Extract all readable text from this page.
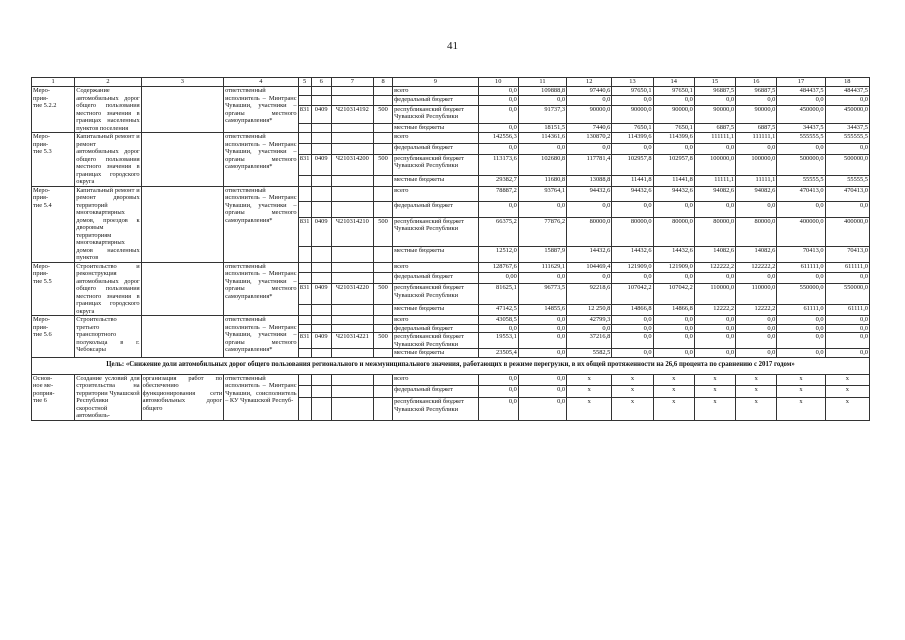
41
1	2	3	4	5	6	7	8	9	10	11	12	13	14	15	16	17	18
Меро-
прия-
тие 5.2.2	Содержание автомобильных дорог общего пользования местного значения в границах населенных пунктов поселения		ответственный исполнитель – Минтранс Чувашии, участники – органы местного самоуправления*					всего	0,0	109888,8	97440,6	97650,1	97650,1	96887,5	96887,5	484437,5	484437,5
								федеральный бюджет	0,0	0,0	0,0	0,0	0,0	0,0	0,0	0,0	0,0
				831	0409	Ч210314192	500	республиканский бюджет Чувашской Республики	0,0	91737,3	90000,0	90000,0	90000,0	90000,0	90000,0	450000,0	450000,0
								местные бюджеты	0,0	18151,5	7440,6	7650,1	7650,1	6887,5	6887,5	34437,5	34437,5
Меро-
прия-
тие 5.3	Капитальный ремонт и ремонт автомобильных дорог общего пользования местного значения в границах городского округа		ответственный исполнитель – Минтранс Чувашии, участники – органы местного самоуправления*					всего	142556,3	114361,6	130870,2	114399,6	114399,6	111111,1	111111,1	555555,5	555555,5
								федеральный бюджет	0,0	0,0	0,0	0,0	0,0	0,0	0,0	0,0	0,0
				831	0409	Ч210314200	500	республиканский бюджет Чувашской Республики	113173,6	102680,8	117781,4	102957,8	102957,8	100000,0	100000,0	500000,0	500000,0
								местные бюджеты	29382,7	11680,8	13088,8	11441,8	11441,8	11111,1	11111,1	55555,5	55555,5
Меро-
прия-
тие 5.4	Капитальный ремонт и ремонт дворовых территорий многоквартирных домов, проездов к дворовым территориям многоквартирных домов населенных пунктов		ответственный исполнитель – Минтранс Чувашии, участники – органы местного самоуправления*					всего	78887,2	93764,1	94432,6	94432,6	94432,6	94082,6	94082,6	470413,0	470413,0
								федеральный бюджет	0,0	0,0	0,0	0,0	0,0	0,0	0,0	0,0	0,0
				831	0409	Ч210314210	500	республиканский бюджет Чувашской Республики	66375,2	77876,2	80000,0	80000,0	80000,0	80000,0	80000,0	400000,0	400000,0
								местные бюджеты	12512,0	15887,9	14432,6	14432,6	14432,6	14082,6	14082,6	70413,0	70413,0
Меро-
прия-
тие 5.5	Строительство и реконструкция автомобильных дорог общего пользования местного значения в границах городского округа		ответственный исполнитель – Минтранс Чувашии, участники – органы местного самоуправления*					всего	128767,6	111629,1	104469,4	121909,0	121909,0	122222,2	122222,2	611111,0	611111,0
								федеральный бюджет	0,00	0,0	0,0	0,0	0,0	0,0	0,0	0,0	0,0
				831	0409	Ч210314220	500	республиканский бюджет Чувашской Республики	81625,1	96773,5	92218,6	107042,2	107042,2	110000,0	110000,0	550000,0	550000,0
								местные бюджеты	47142,5	14855,6	12 250,8	14866,8	14866,8	12222,2	12222,2	61111,0	61111,0
Меро-
прия-
тие 5.6	Строительство третьего транспортного полукольца в г. Чебоксары		ответственный исполнитель – Минтранс Чувашии, участники – органы местного самоуправления*					всего	43058,5	0,0	42799,3	0,0	0,0	0,0	0,0	0,0	0,0
								федеральный бюджет	0,0	0,0	0,0	0,0	0,0	0,0	0,0	0,0	0,0
				831	0409	Ч210314221	500	республиканский бюджет Чувашской Республики	19553,1	0,0	37216,8	0,0	0,0	0,0	0,0	0,0	0,0
								местные бюджеты	23505,4	0,0	5582,5	0,0	0,0	0,0	0,0	0,0	0,0
Цель: «Снижение доли автомобильных дорог общего пользования регионального и межмуниципального значения, работающих в режиме перегрузки, в их общей протяженности на 26,6 процента по сравнению с 2017 годом»																	
Основ-
ное ме-
роприя-
тие 6	Создание условий для строительства на территории Чувашской Республики скоростной автомобиль-	организация работ по обеспечению функционирования сети автомобильных дорог общего	ответственный исполнитель – Минтранс Чувашии, соисполнитель – КУ Чувашской Респуб-					всего	0,0	0,0	x	x	x	x	x	x	x
								федеральный бюджет	0,0	0,0	x	x	x	x	x	x	x
								республиканский бюджет Чувашской Республики	0,0	0,0	x	x	x	x	x	x	x
